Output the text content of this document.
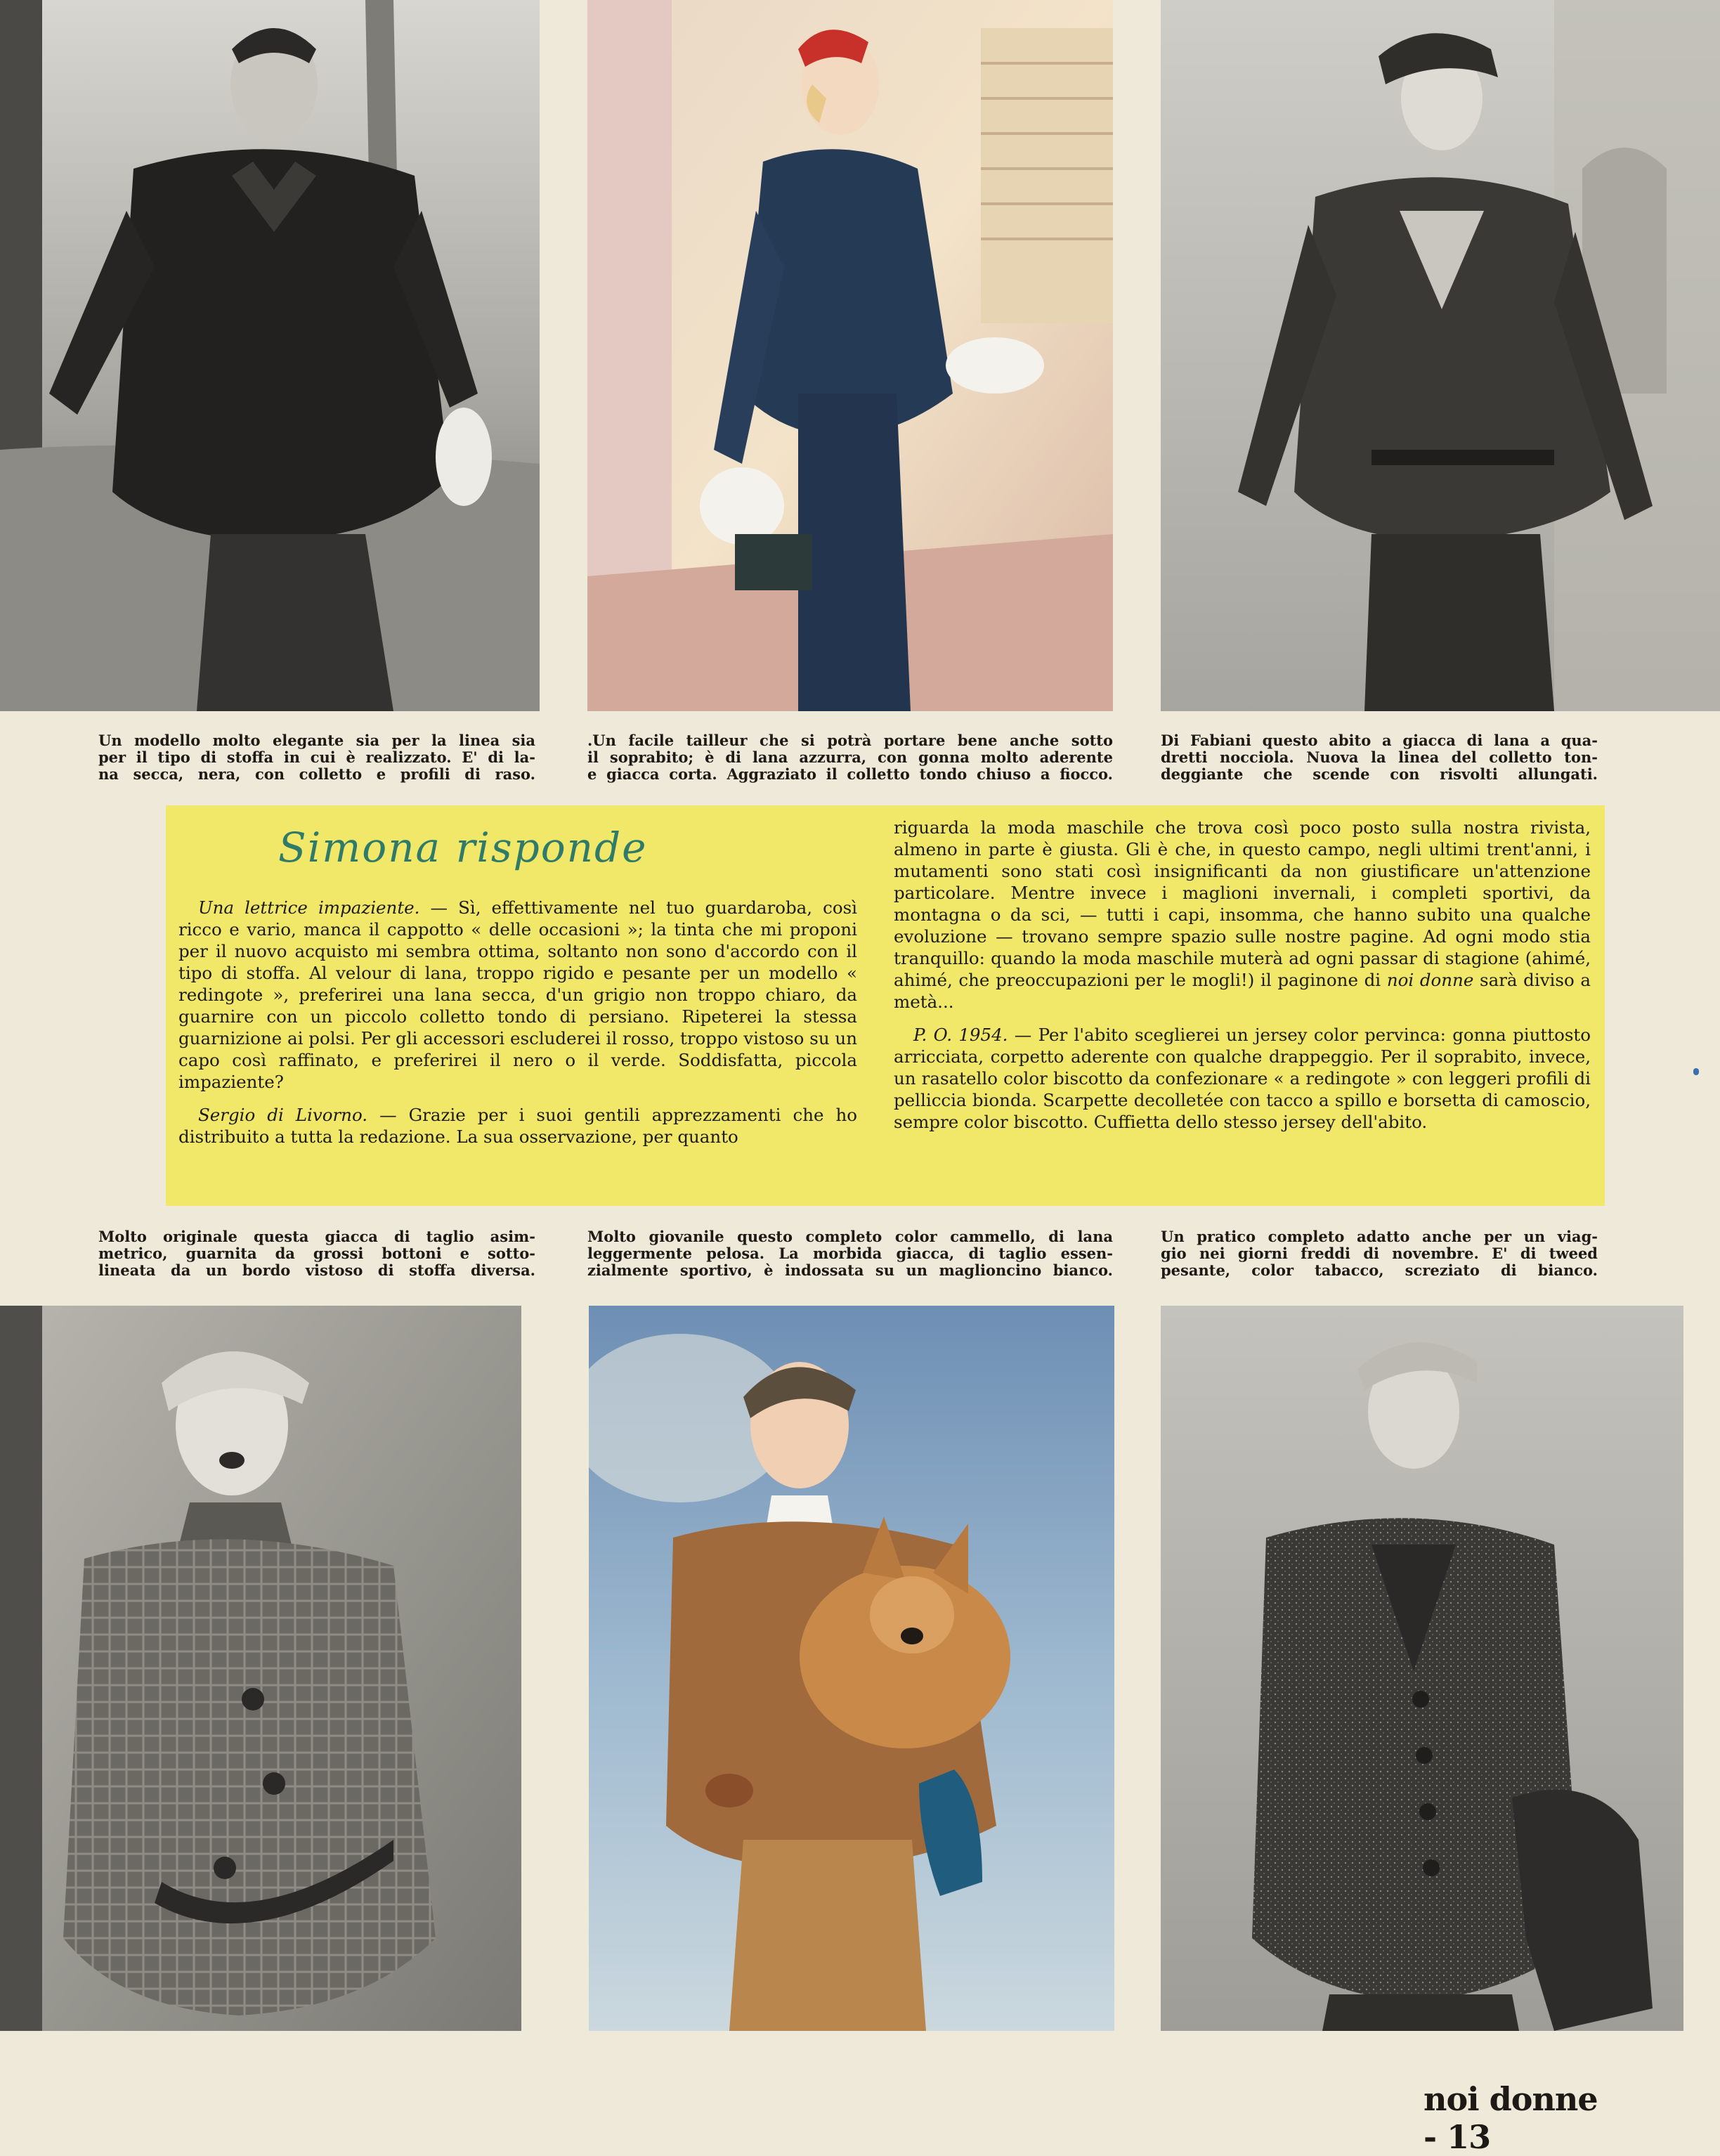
Un modello molto elegante sia per la linea sia
per il tipo di stoffa in cui è realizzato. E' di la-
na secca, nera, con colletto e profili di raso.
.Un facile tailleur che si potrà portare bene anche sotto
il soprabito; è di lana azzurra, con gonna molto aderente
e giacca corta. Aggraziato il colletto tondo chiuso a fiocco.
Di Fabiani questo abito a giacca di lana a qua-
dretti nocciola. Nuova la linea del colletto ton-
deggiante che scende con risvolti allungati.
Molto originale questa giacca di taglio asim-
metrico, guarnita da grossi bottoni e sotto-
lineata da un bordo vistoso di stoffa diversa.
Molto giovanile questo completo color cammello, di lana
leggermente pelosa. La morbida giacca, di taglio essen-
zialmente sportivo, è indossata su un maglioncino bianco.
Un pratico completo adatto anche per un viag-
gio nei giorni freddi di novembre. E' di tweed
pesante, color tabacco, screziato di bianco.
Simona risponde

Una lettrice impaziente. — Sì, effettivamente nel tuo guardaroba, così ricco e vario, manca il cappotto « delle occasioni »; la tinta che mi proponi per il nuovo acquisto mi sembra ottima, soltanto non sono d'accordo con il tipo di stoffa. Al velour di lana, troppo rigido e pesante per un modello « redingote », preferirei una lana secca, d'un grigio non troppo chiaro, da guarnire con un piccolo colletto tondo di persiano. Ripeterei la stessa guarnizione ai polsi. Per gli accessori escluderei il rosso, troppo vistoso su un capo così raffinato, e preferirei il nero o il verde. Soddisfatta, piccola impaziente?

Sergio di Livorno. — Grazie per i suoi gentili apprezzamenti che ho distribuito a tutta la redazione. La sua osservazione, per quanto

riguarda la moda maschile che trova così poco posto sulla nostra rivista, almeno in parte è giusta. Gli è che, in questo campo, negli ultimi trent'anni, i mutamenti sono stati così insignificanti da non giustificare un'attenzione particolare. Mentre invece i maglioni invernali, i completi sportivi, da montagna o da sci, — tutti i capi, insomma, che hanno subito una qualche evoluzione — trovano sempre spazio sulle nostre pagine. Ad ogni modo stia tranquillo: quando la moda maschile muterà ad ogni passar di stagione (ahimé, ahimé, che preoccupazioni per le mogli!) il paginone di noi donne sarà diviso a metà...

P. O. 1954. — Per l'abito sceglierei un jersey color pervinca: gonna piuttosto arricciata, corpetto aderente con qualche drappeggio. Per il soprabito, invece, un rasatello color biscotto da confezionare « a redingote » con leggeri profili di pelliccia bionda. Scarpette decolletée con tacco a spillo e borsetta di camoscio, sempre color biscotto. Cuffietta dello stesso jersey dell'abito.

noi donne - 13
